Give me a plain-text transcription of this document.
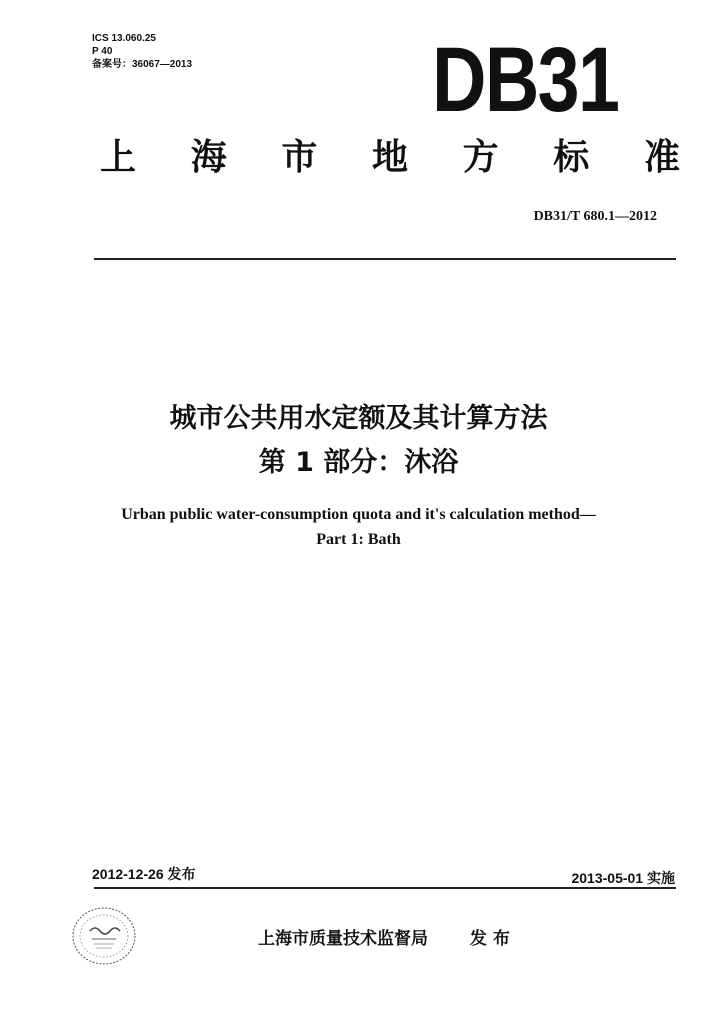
ICS 13.060.25
P 40
备案号：36067—2013	DB31
上 海 市 地 方 标 准
DB31/T 680.1—2012
城市公共用水定额及其计算方法
第 1 部分：沐浴
Urban public water-consumption quota and it's calculation method—
Part 1: Bath
2012-12-26 发布	2013-05-01 实施
上海市质量技术监督局 发 布
